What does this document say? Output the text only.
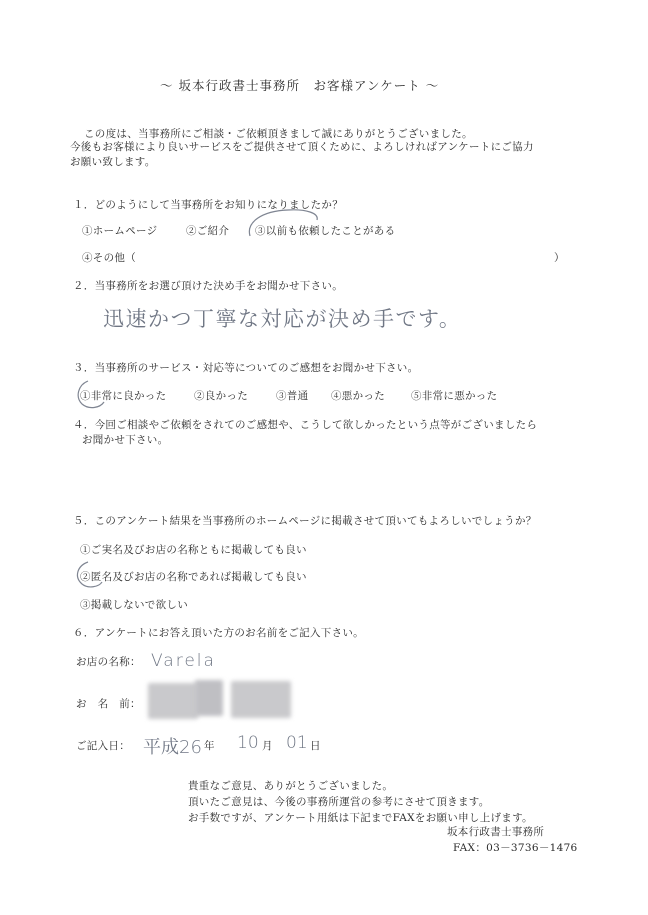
～ 坂本行政書士事務所　お客様アンケート ～
この度は、当事務所にご相談・ご依頼頂きまして誠にありがとうございました。
今後もお客様により良いサービスをご提供させて頂くために、よろしければアンケートにご協力
お願い致します。
１．どのようにして当事務所をお知りになりましたか？
①ホームページ	②ご紹介 ③以前も依頼したことがある
④その他（	）
２．当事務所をお選び頂けた決め手をお聞かせ下さい。
迅速かつ丁寧な対応が決め手です。
３．当事務所のサービス・対応等についてのご感想をお聞かせ下さい。
①非常に良かった	②良かった	③普通 ④悪かった ⑤非常に悪かった
４．今回ご相談やご依頼をされてのご感想や、こうして欲しかったという点等がございましたら
お聞かせ下さい。
５．このアンケート結果を当事務所のホームページに掲載させて頂いてもよろしいでしょうか？
①ご実名及びお店の名称ともに掲載しても良い
②匿名及びお店の名称であれば掲載しても良い
③掲載しないで欲しい
６．アンケートにお答え頂いた方のお名前をご記入下さい。
お店の名称： Varela
お　名　前：
ご記入日： 平成26 年 10 月 01 日
貴重なご意見、ありがとうございました。
頂いたご意見は、今後の事務所運営の参考にさせて頂きます。
お手数ですが、アンケート用紙は下記までFAXをお願い申し上げます。
坂本行政書士事務所
FAX：03－3736－1476
